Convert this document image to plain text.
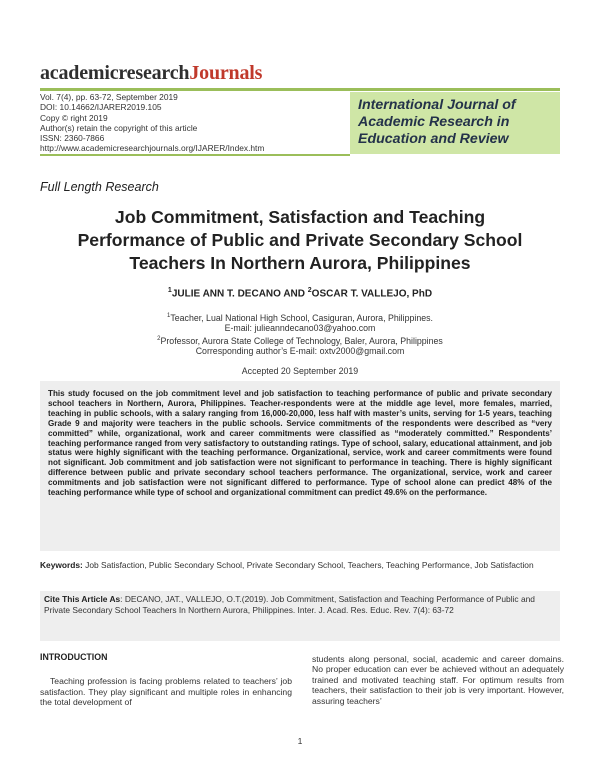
academicresearchJournals
Vol. 7(4), pp. 63-72, September 2019
DOI: 10.14662/IJARER2019.105
Copy © right 2019
Author(s) retain the copyright of this article
ISSN: 2360-7866
http://www.academicresearchjournals.org/IJARER/Index.htm
International Journal of
Academic Research in
Education and Review
Full Length Research
Job Commitment, Satisfaction and Teaching
Performance of Public and Private Secondary School
Teachers In Northern Aurora, Philippines
$^1$JULIE ANN T. DECANO AND $^2$OSCAR T. VALLEJO, PhD
$^1$Teacher, Lual National High School, Casiguran, Aurora, Philippines.
E-mail: julieanndecano03@yahoo.com
$^2$Professor, Aurora State College of Technology, Baler, Aurora, Philippines
Corresponding author’s E-mail: oxtv2000@gmail.com
Accepted 20 September 2019

This study focused on the job commitment level and job satisfaction to teaching performance of public and private secondary school teachers in Northern, Aurora, Philippines. Teacher-respondents were at the middle age level, more females, married, teaching in public schools, with a salary ranging from 16,000-20,000, less half with master’s units, serving for 1-5 years, teaching Grade 9 and majority were teachers in the public schools. Service commitments of the respondents were described as “very committed” while, organizational, work and career commitments were classified as “moderately committed.” Respondents’ teaching performance ranged from very satisfactory to outstanding ratings. Type of school, salary, educational attainment, and job status were highly significant with the teaching performance. Organizational, service, work and career commitments were found not significant. Job commitment and job satisfaction were not significant to performance in teaching. There is highly significant difference between public and private secondary school teachers performance. The organizational, service, work and career commitments and job satisfaction were not significant differed to performance. Type of school alone can predict 48% of the teaching performance while type of school and organizational commitment can predict 49.6% on the performance.

Keywords: Job Satisfaction, Public Secondary School, Private Secondary School, Teachers, Teaching Performance, Job Satisfaction
Cite This Article As: DECANO, JAT., VALLEJO, O.T.(2019). Job Commitment, Satisfaction and Teaching Performance of Public and Private Secondary School Teachers In Northern Aurora, Philippines. Inter. J. Acad. Res. Educ. Rev. 7(4): 63-72
INTRODUCTION

Teaching profession is facing problems related to teachers’ job satisfaction. They play significant and multiple roles in enhancing the total development of

students along personal, social, academic and career domains. No proper education can ever be achieved without an adequately trained and motivated teaching staff. For optimum results from teachers, their satisfaction to their job is very important. However, assuring teachers’

1
